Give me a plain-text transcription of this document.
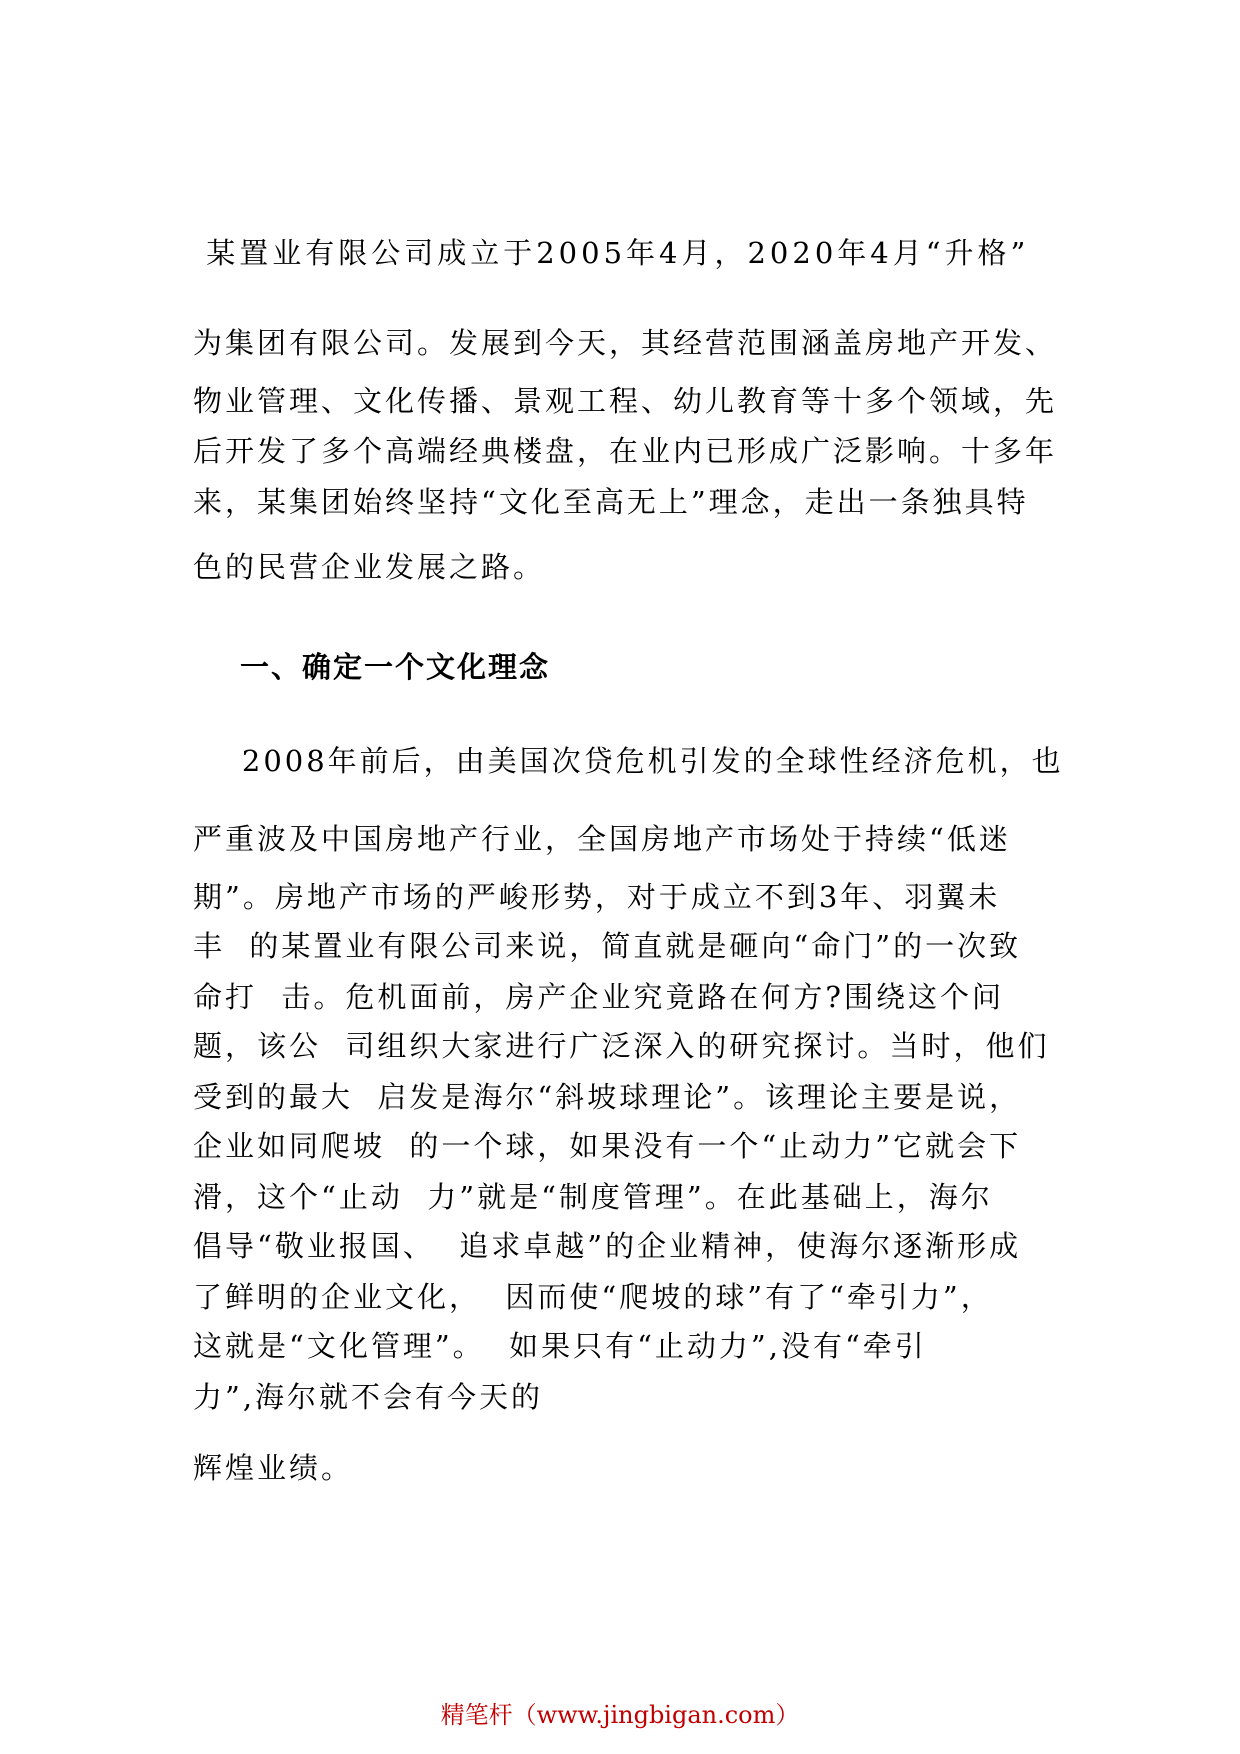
某置业有限公司成立于2005年4月，2020年4月“升格”
为集团有限公司。发展到今天，其经营范围涵盖房地产开发、
物业管理、文化传播、景观工程、幼儿教育等十多个领域，先
后开发了多个高端经典楼盘，在业内已形成广泛影响。十多年
来，某集团始终坚持“文化至高无上”理念，走出一条独具特
色的民营企业发展之路。
一、确定一个文化理念
2008年前后，由美国次贷危机引发的全球性经济危机，也
严重波及中国房地产行业，全国房地产市场处于持续“低迷
期”。房地产市场的严峻形势，对于成立不到3年、羽翼未
丰  的某置业有限公司来说，简直就是砸向“命门”的一次致
命打  击。危机面前，房产企业究竟路在何方?围绕这个问
题，该公  司组织大家进行广泛深入的研究探讨。当时，他们
受到的最大  启发是海尔“斜坡球理论”。该理论主要是说，
企业如同爬坡  的一个球，如果没有一个“止动力”它就会下
滑，这个“止动  力”就是“制度管理”。在此基础上，海尔
倡导“敬业报国、  追求卓越”的企业精神，使海尔逐渐形成
了鲜明的企业文化，  因而使“爬坡的球”有了“牵引力”，
这就是“文化管理”。  如果只有“止动力”,没有“牵引
力”,海尔就不会有今天的
辉煌业绩。
精笔杆（www.jingbigan.com）
